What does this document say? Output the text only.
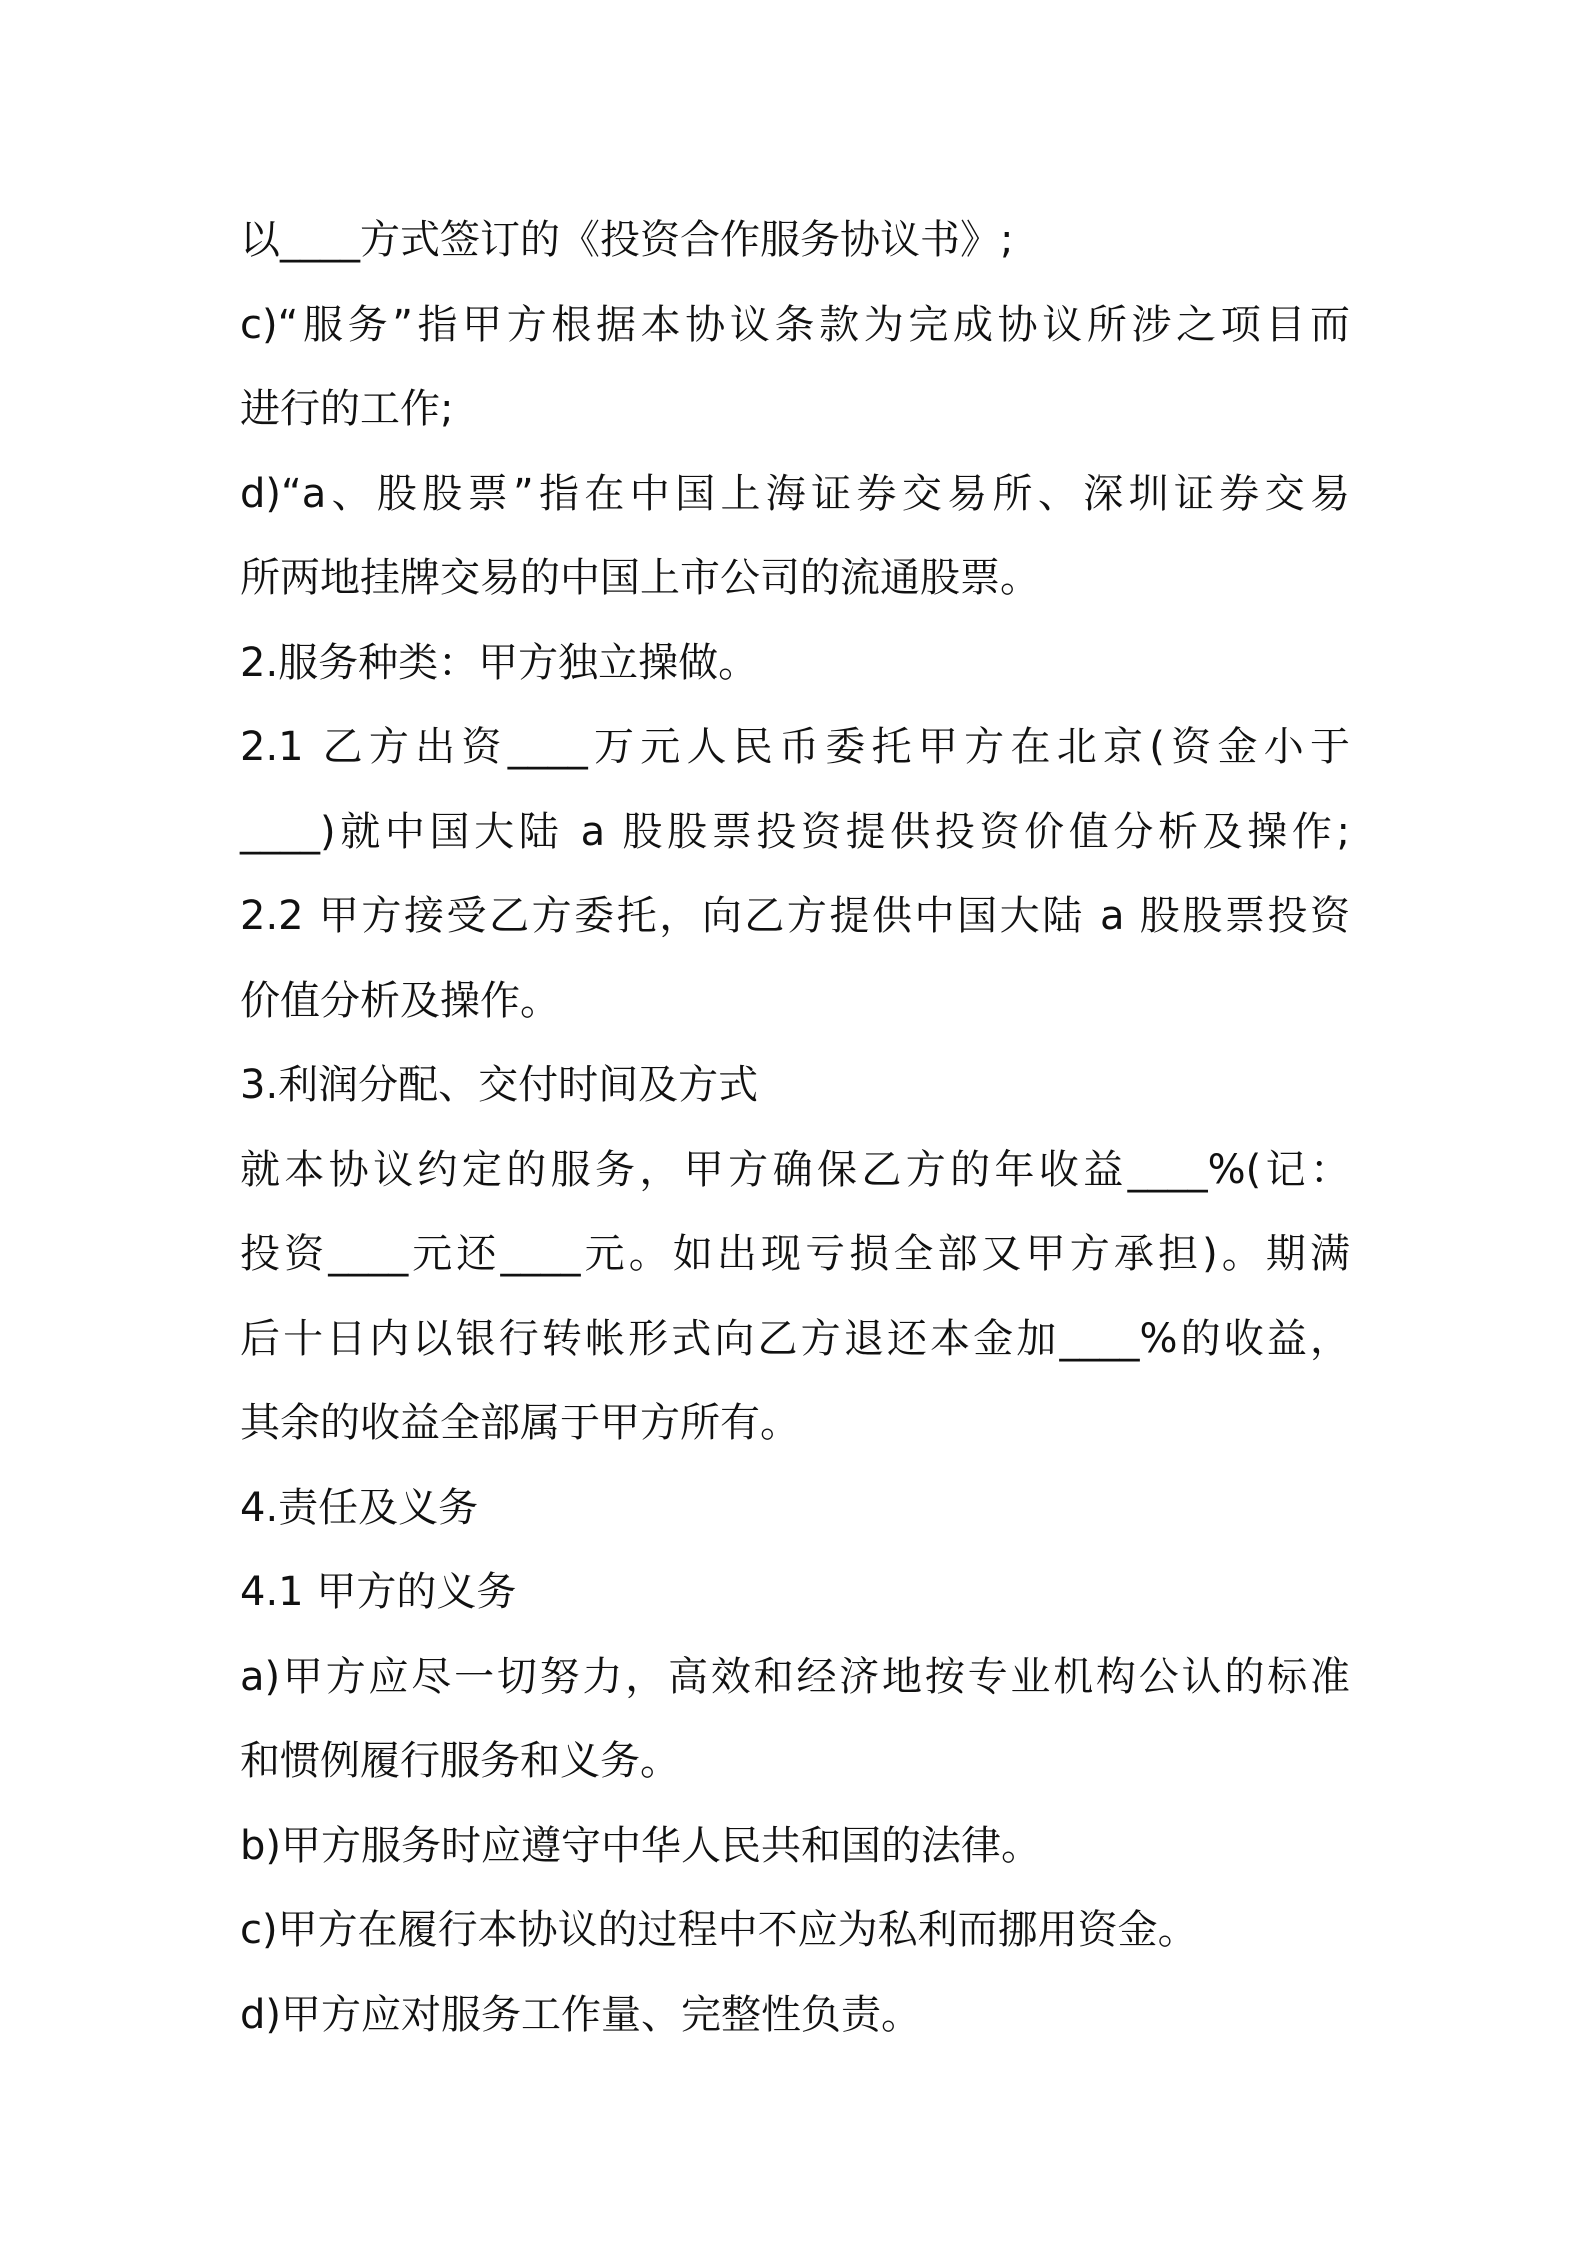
以____方式签订的《投资合作服务协议书》;
c)“服务”指甲方根据本协议条款为完成协议所涉之项目而
进行的工作;
d)“a、股股票”指在中国上海证券交易所、深圳证券交易
所两地挂牌交易的中国上市公司的流通股票。
2.服务种类：甲方独立操做。
2.1 乙方出资____万元人民币委托甲方在北京(资金小于
____)就中国大陆 a 股股票投资提供投资价值分析及操作;
2.2 甲方接受乙方委托，向乙方提供中国大陆 a 股股票投资
价值分析及操作。
3.利润分配、交付时间及方式
就本协议约定的服务，甲方确保乙方的年收益____%(记：
投资____元还____元。如出现亏损全部又甲方承担)。期满
后十日内以银行转帐形式向乙方退还本金加____%的收益，
其余的收益全部属于甲方所有。
4.责任及义务
4.1 甲方的义务
a)甲方应尽一切努力，高效和经济地按专业机构公认的标准
和惯例履行服务和义务。
b)甲方服务时应遵守中华人民共和国的法律。
c)甲方在履行本协议的过程中不应为私利而挪用资金。
d)甲方应对服务工作量、完整性负责。
